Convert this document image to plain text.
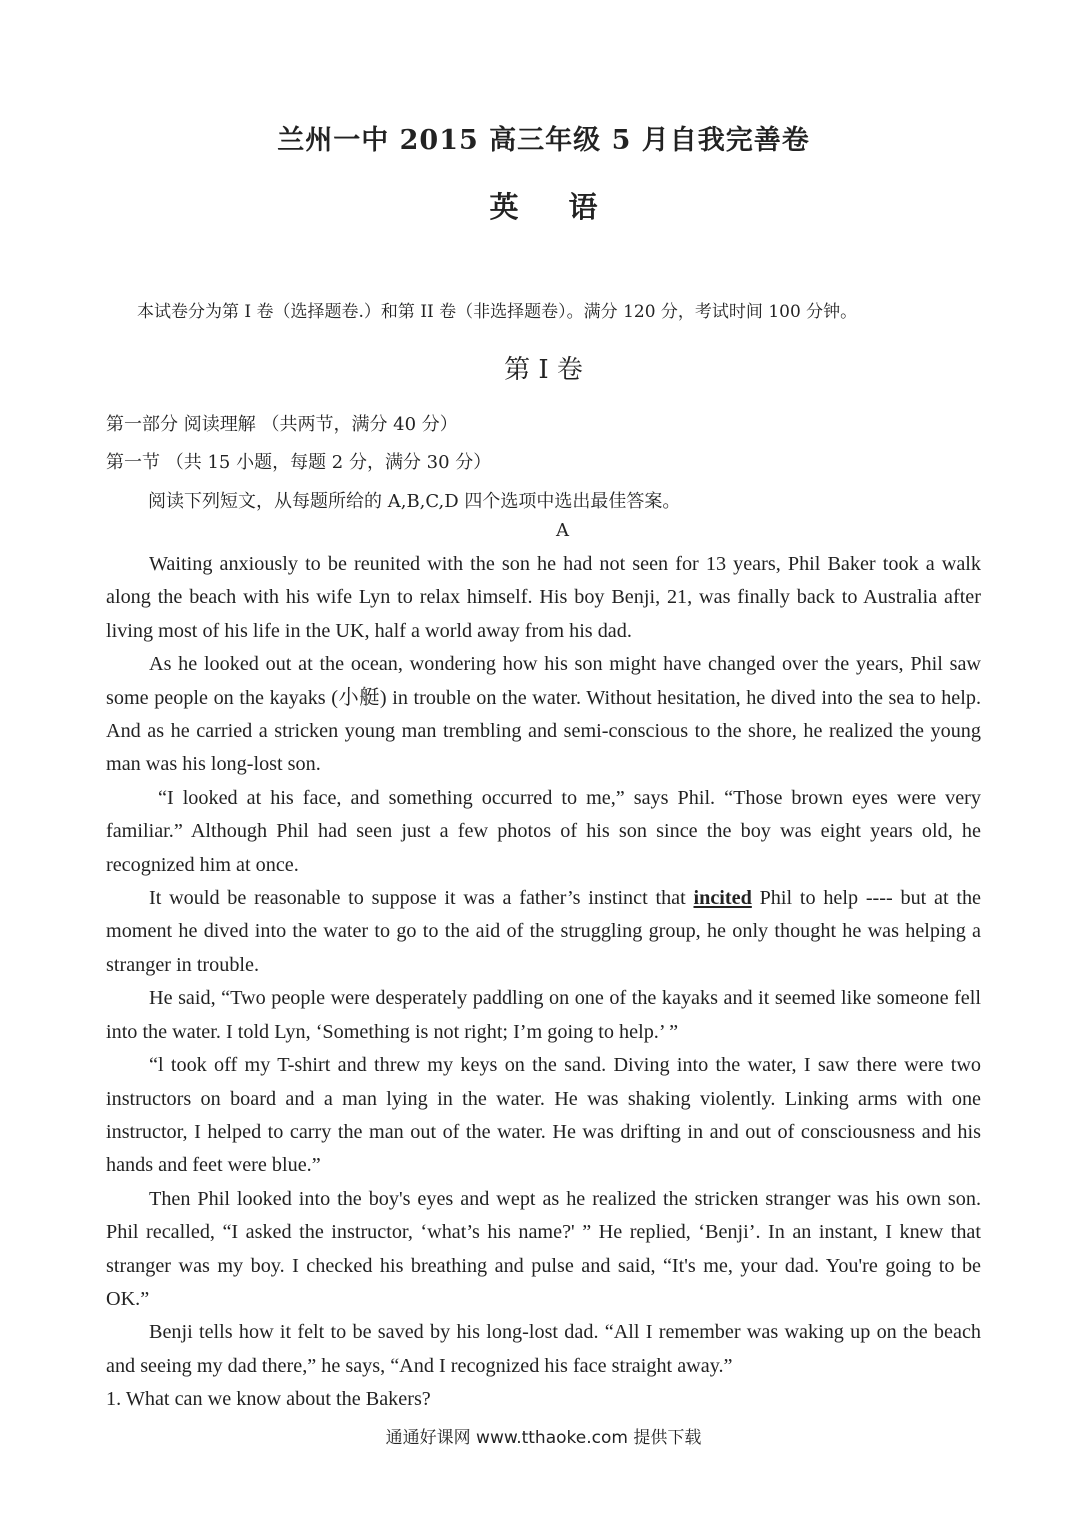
兰州一中 2015 高三年级 5 月自我完善卷
英 语
本试卷分为第 I 卷（选择题卷.）和第 II 卷（非选择题卷）。满分 120 分，考试时间 100 分钟。
第 I 卷
第一部分 阅读理解 （共两节，满分 40 分）
第一节 （共 15 小题，每题 2 分，满分 30 分）
阅读下列短文，从每题所给的 A,B,C,D 四个选项中选出最佳答案。
A

Waiting anxiously to be reunited with the son he had not seen for 13 years, Phil Baker took a walk along the beach with his wife Lyn to relax himself. His boy Benji, 21, was finally back to Australia after living most of his life in the UK, half a world away from his dad.

As he looked out at the ocean, wondering how his son might have changed over the years, Phil saw some people on the kayaks (小艇) in trouble on the water. Without hesitation, he dived into the sea to help. And as he carried a stricken young man trembling and semi-conscious to the shore, he realized the young man was his long-lost son.

“I looked at his face, and something occurred to me,” says Phil. “Those brown eyes were very familiar.” Although Phil had seen just a few photos of his son since the boy was eight years old, he recognized him at once.

It would be reasonable to suppose it was a father’s instinct that incited Phil to help ---- but at the moment he dived into the water to go to the aid of the struggling group, he only thought he was helping a stranger in trouble.

He said, “Two people were desperately paddling on one of the kayaks and it seemed like someone fell into the water. I told Lyn, ‘Something is not right; I’m going to help.’ ”

“l took off my T-shirt and threw my keys on the sand. Diving into the water, I saw there were two instructors on board and a man lying in the water. He was shaking violently. Linking arms with one instructor, I helped to carry the man out of the water. He was drifting in and out of consciousness and his hands and feet were blue.”

Then Phil looked into the boy's eyes and wept as he realized the stricken stranger was his own son. Phil recalled, “I asked the instructor, ‘what’s his name?' ” He replied, ‘Benji’. In an instant, I knew that stranger was my boy. I checked his breathing and pulse and said, “It's me, your dad. You're going to be OK.”

Benji tells how it felt to be saved by his long-lost dad. “All I remember was waking up on the beach and seeing my dad there,” he says, “And I recognized his face straight away.”

1. What can we know about the Bakers?

通通好课网 www.tthaoke.com 提供下载
